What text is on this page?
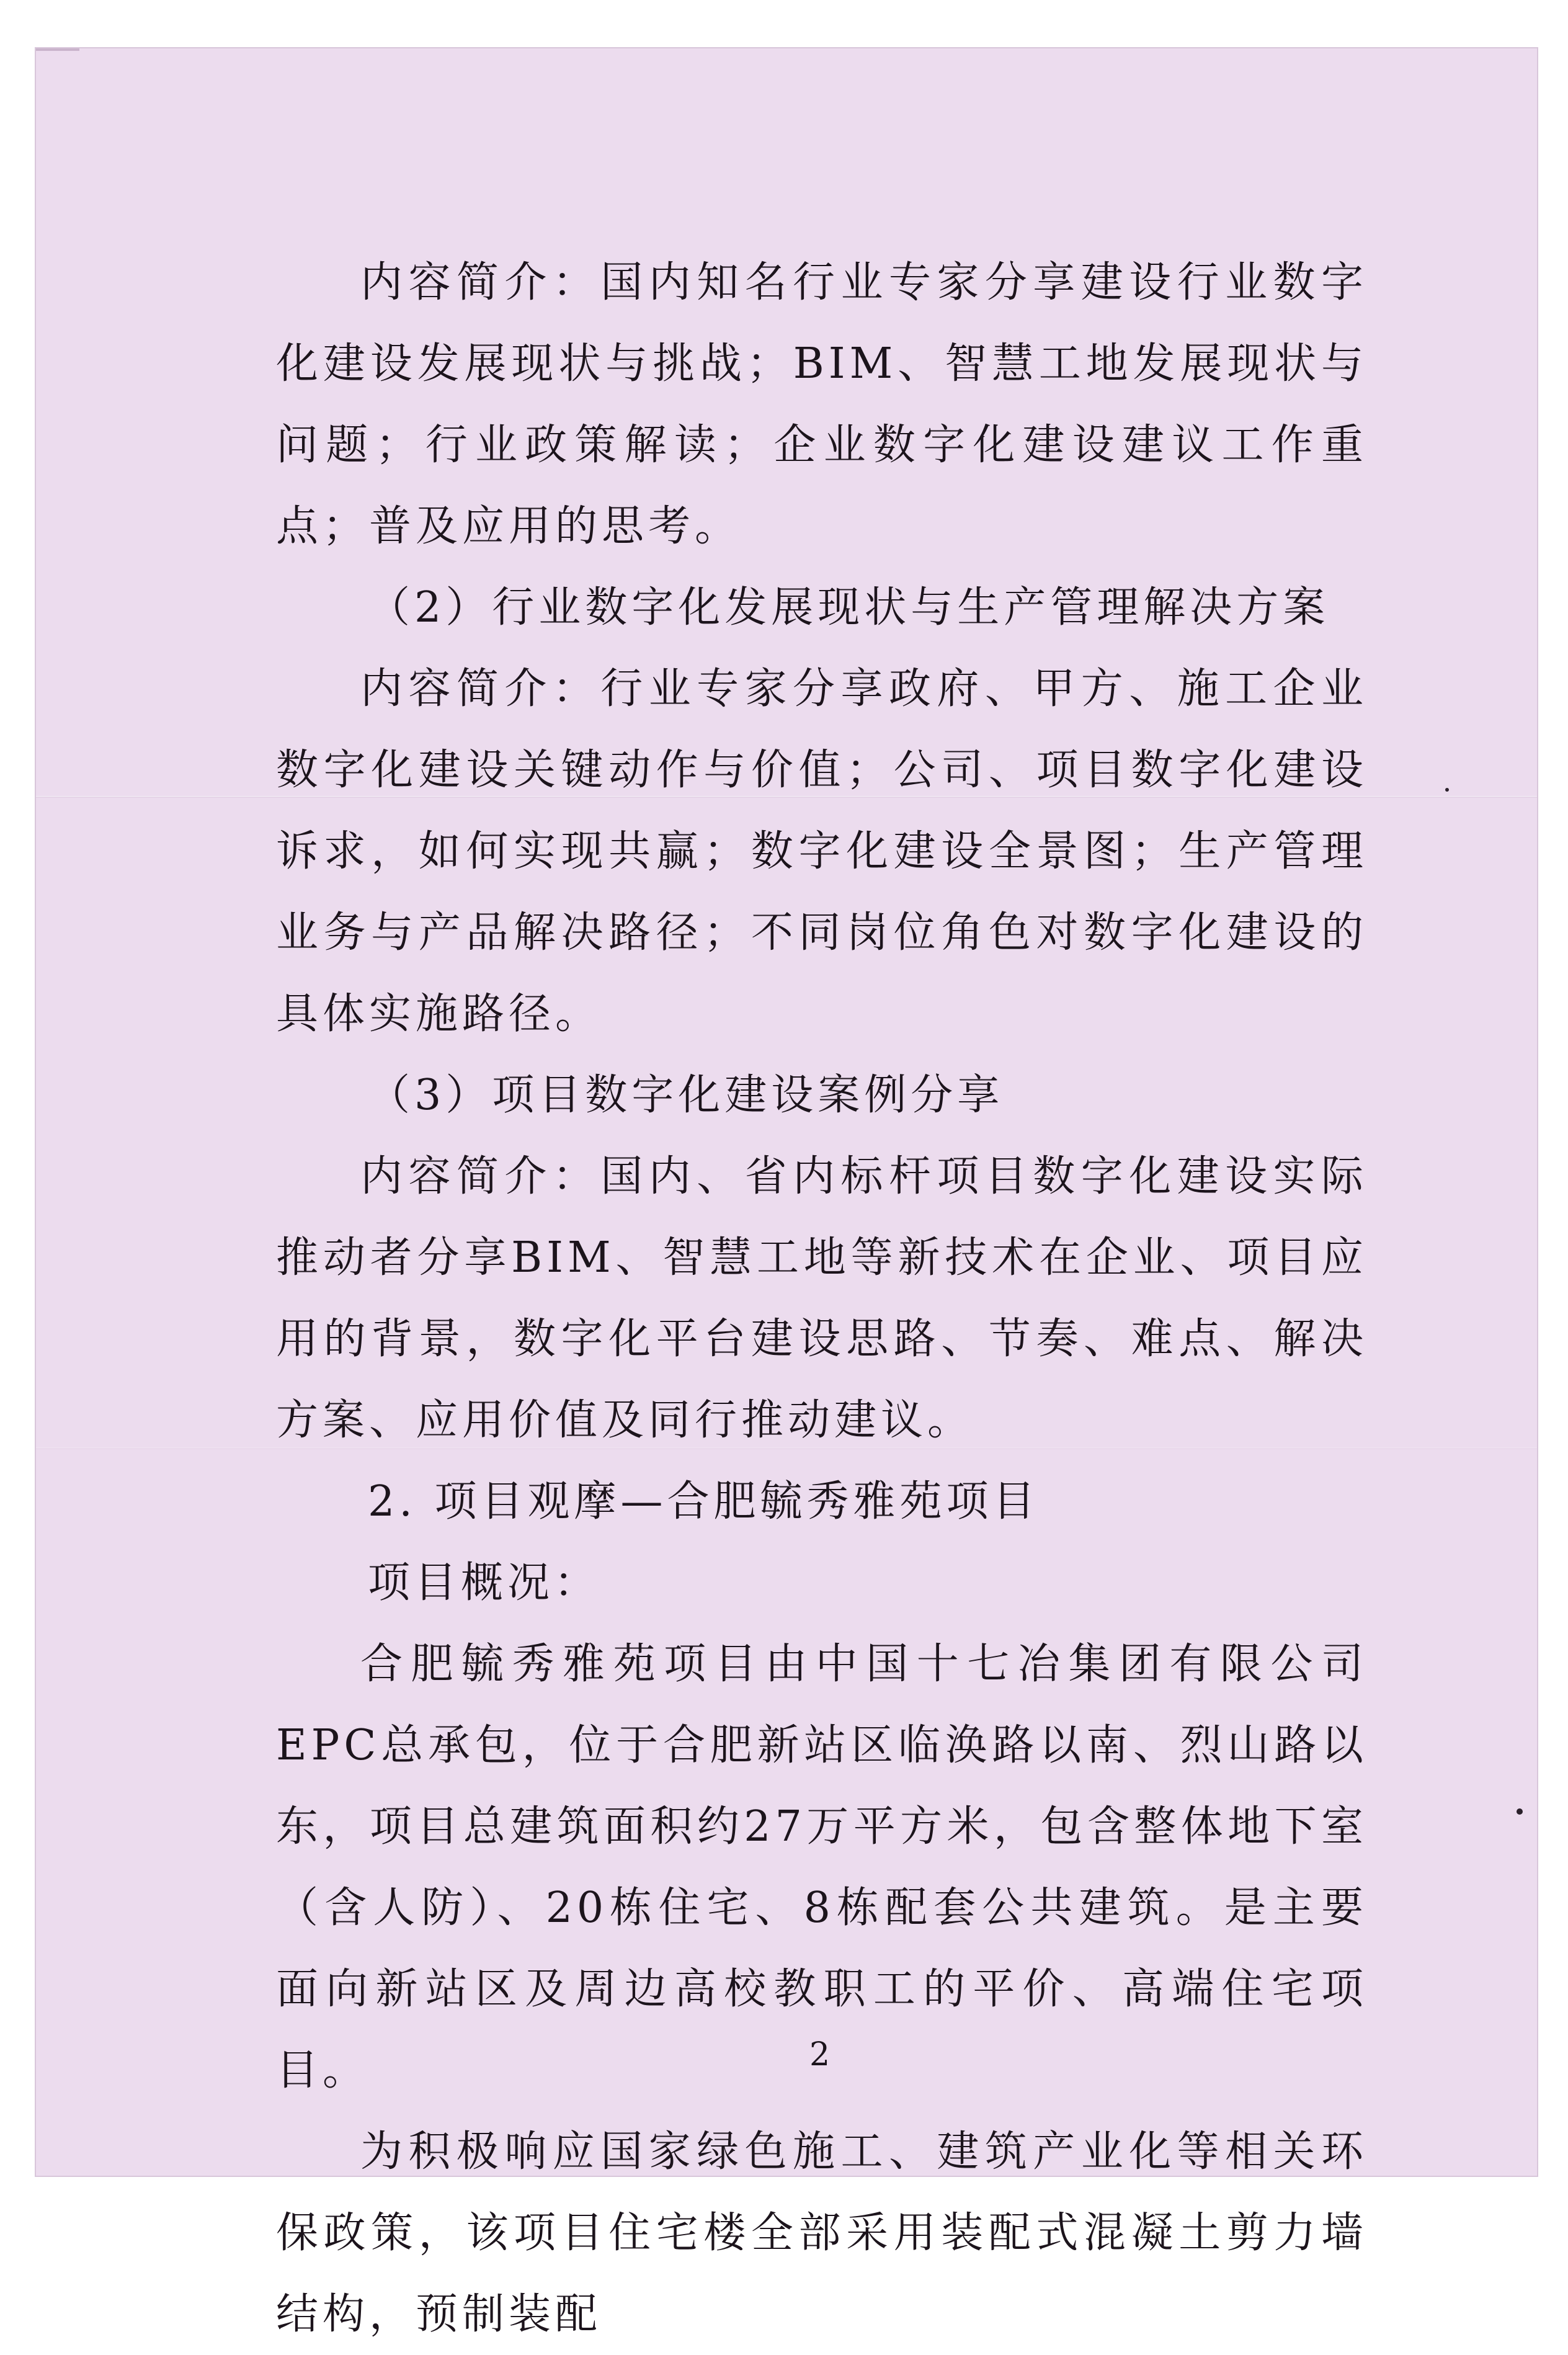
内容简介：国内知名行业专家分享建设行业数字化建设发展现状与挑战；BIM、智慧工地发展现状与问题；行业政策解读；企业数字化建设建议工作重点；普及应用的思考。

（2）行业数字化发展现状与生产管理解决方案

内容简介：行业专家分享政府、甲方、施工企业数字化建设关键动作与价值；公司、项目数字化建设诉求，如何实现共赢；数字化建设全景图；生产管理业务与产品解决路径；不同岗位角色对数字化建设的具体实施路径。

（3）项目数字化建设案例分享

内容简介：国内、省内标杆项目数字化建设实际推动者分享BIM、智慧工地等新技术在企业、项目应用的背景，数字化平台建设思路、节奏、难点、解决方案、应用价值及同行推动建议。

2. 项目观摩—合肥毓秀雅苑项目

项目概况：

合肥毓秀雅苑项目由中国十七冶集团有限公司EPC总承包，位于合肥新站区临涣路以南、烈山路以东，项目总建筑面积约27万平方米，包含整体地下室（含人防）、20栋住宅、8栋配套公共建筑。是主要面向新站区及周边高校教职工的平价、高端住宅项目。

为积极响应国家绿色施工、建筑产业化等相关环保政策，该项目住宅楼全部采用装配式混凝土剪力墙结构，预制装配

2
